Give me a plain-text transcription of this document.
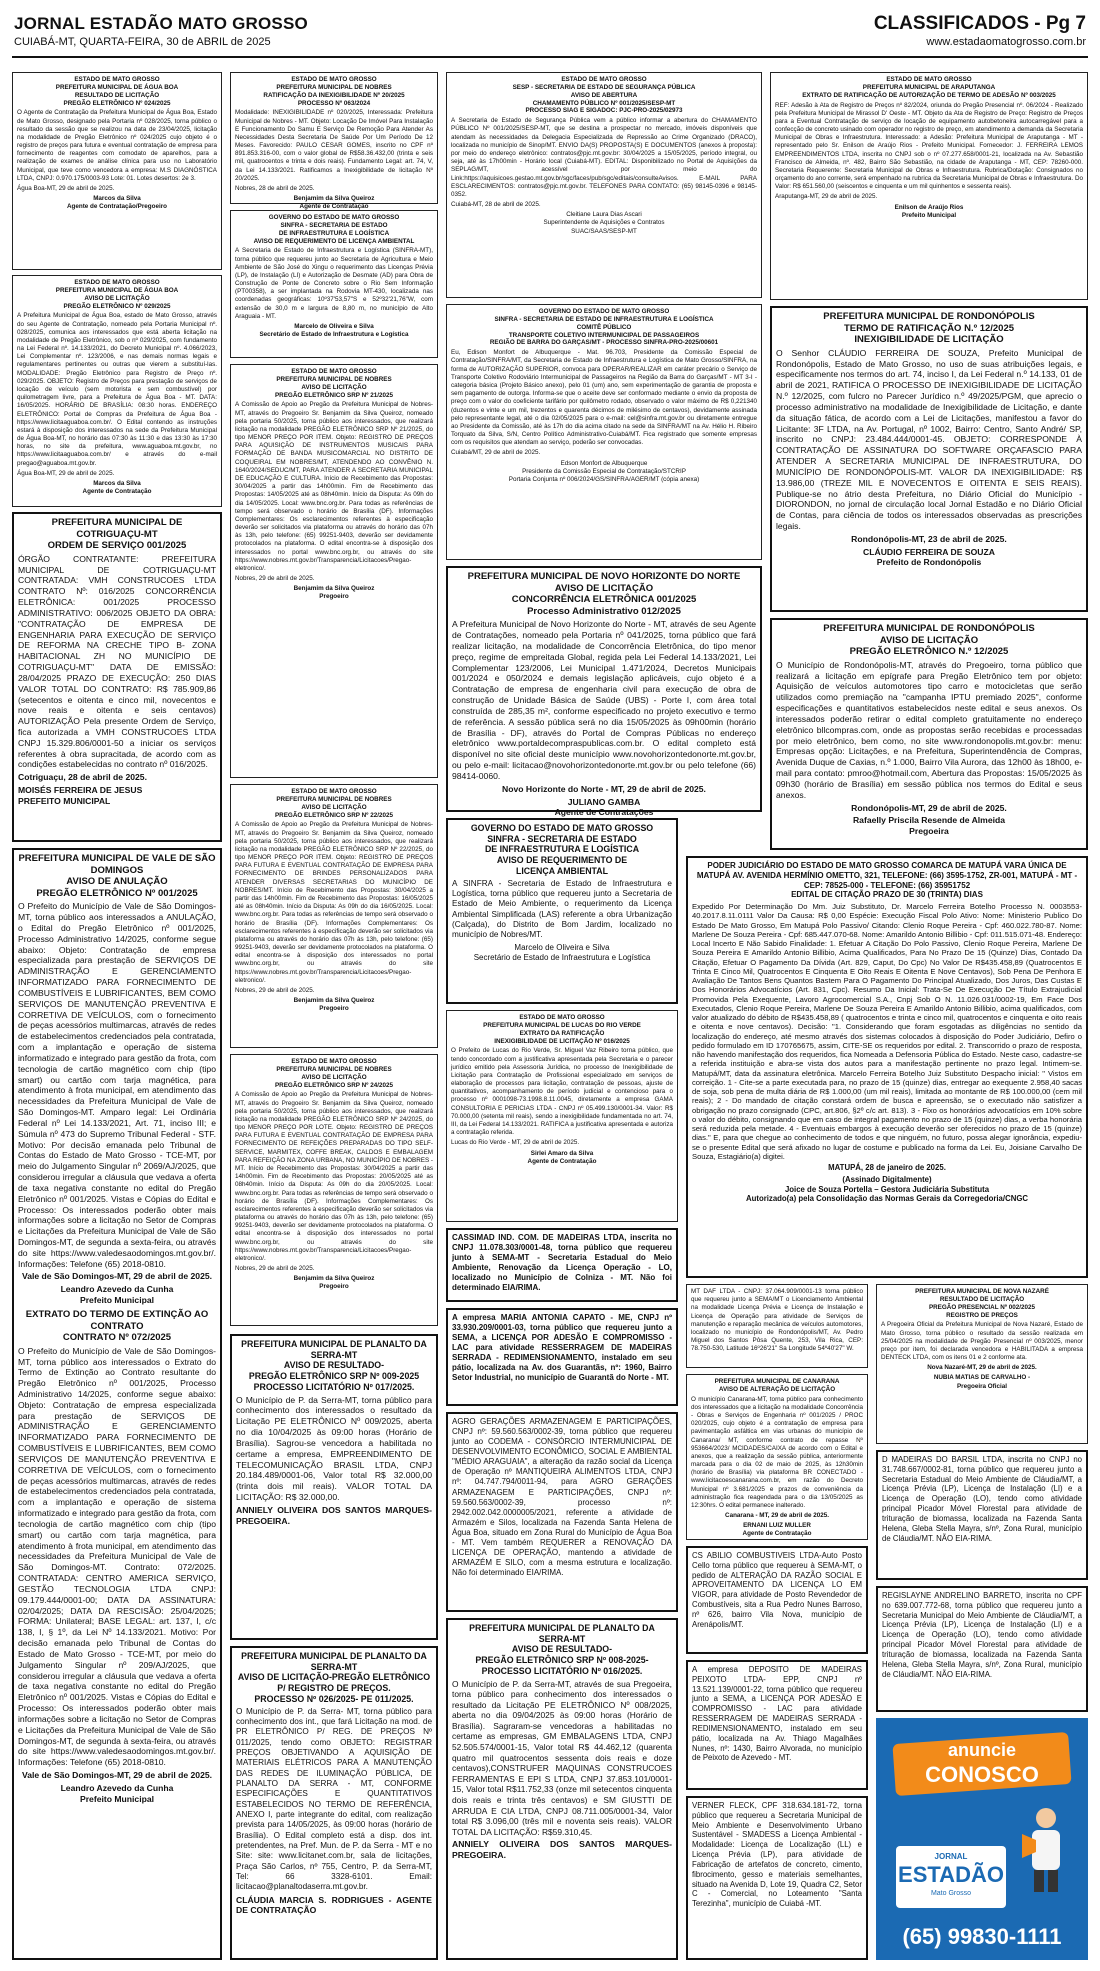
JORNAL ESTADÃO MATO GROSSO
CUIABÁ-MT, QUARTA-FEIRA, 30 de ABRIL de 2025
CLASSIFICADOS - Pg 7
www.estadaomatogrosso.com.br
ESTADO DE MATO GROSSO
PREFEITURA MUNICIPAL DE ÁGUA BOA
RESULTADO DE LICITAÇÃO
PREGÃO ELETRÔNICO Nº 024/2025
O Agente de Contratação da Prefeitura Municipal de Água Boa, Estado de Mato Grosso, designado pela Portaria nº 028/2025, torna público o resultado da sessão que se realizou na data de 23/04/2025, licitação na modalidade de Pregão Eletrônico nº 024/2025 cujo objeto é o registro de preços para futura e eventual contratação de empresa para fornecimento de reagentes com comodato de aparelhos, para a realização de exames de análise clínica para uso no Laboratório Municipal, que teve como vencedora a empresa: M.S DIAGNÓSTICA LTDA, CNPJ: 0.970.175/0003-93 Lote: 01. Lotes desertos: 2e 3.
Água Boa-MT, 29 de abril de 2025.
Marcos da Silva
Agente de Contratação/Pregoeiro
ESTADO DE MATO GROSSO
PREFEITURA MUNICIPAL DE ÁGUA BOA
AVISO DE LICITAÇÃO
PREGÃO ELETRÔNICO Nº 029/2025
A Prefeitura Municipal de Água Boa, estado de Mato Grosso, através do seu Agente de Contratação, nomeado pela Portaria Municipal nº. 028/2025, comunica aos interessados que está aberta licitação na modalidade de Pregão Eletrônico, sob o nº 029/2025, com fundamento na Lei Federal nº. 14.133/2021, do Decreto Municipal nº. 4.066/2023, Lei Complementar nº. 123/2006, e nas demais normas legais e regulamentares pertinentes ou outras que vierem a substituí-las. MODALIDADE: Pregão Eletrônico para Registro de Preço nº. 029/2025. OBJETO: Registro de Preços para prestação de serviços de locação de veículo (sem motorista e sem combustível) por quilometragem livre, para a Prefeitura de Água Boa - MT. DATA: 16/05/2025. HORÁRIO DE BRASÍLIA: 08:30 horas. ENDEREÇO ELETRÔNICO: Portal de Compras da Prefeitura de Água Boa - https://www.licitaaguaboa.com.br/. O Edital contendo as instruções estará à disposição dos interessados na sede da Prefeitura Municipal de Água Boa-MT, no horário das 07:30 às 11:30 e das 13:30 às 17:30 horas, no site da prefeitura, www.aguaboa.mt.gov.br, no https://www.licitaaguaboa.com.br/ e através do e-mail pregao@aguaboa.mt.gov.br.
Água Boa-MT, 29 de abril de 2025.
Marcos da Silva
Agente de Contratação
PREFEITURA MUNICIPAL DE COTRIGUAÇU-MT
ORDEM DE SERVIÇO 001/2025
ÓRGÃO CONTRATANTE: PREFEITURA MUNICIPAL DE COTRIGUAÇU-MT CONTRATADA: VMH CONSTRUCOES LTDA CONTRATO Nº: 016/2025 CONCORRÊNCIA ELETRÔNICA: 001/2025 PROCESSO ADMINISTRATIVO: 006/2025 OBJETO DA OBRA: "CONTRATAÇÃO DE EMPRESA DE ENGENHARIA PARA EXECUÇÃO DE SERVIÇO DE REFORMA NA CRECHE TIPO B- ZONA HABITACIONAL ZH NO MUNICÍPIO DE COTRIGUAÇU-MT" DATA DE EMISSÃO: 28/04/2025 PRAZO DE EXECUÇÃO: 250 DIAS VALOR TOTAL DO CONTRATO: R$ 785.909,86 (setecentos e oitenta e cinco mil, novecentos e nove reais e oitenta e seis centavos) AUTORIZAÇÃO Pela presente Ordem de Serviço, fica autorizada a VMH CONSTRUCOES LTDA CNPJ 15.329.806/0001-50 a iniciar os serviços referentes à obra supracitada, de acordo com as condições estabelecidas no contrato nº 016/2025.
Cotriguaçu, 28 de abril de 2025.
MOISÉS FERREIRA DE JESUS
PREFEITO MUNICIPAL
PREFEITURA MUNICIPAL DE VALE DE SÃO DOMINGOS
AVISO DE ANULAÇÃO
PREGÃO ELETRÔNICO Nº 001/2025
O Prefeito do Município de Vale de São Domingos-MT, torna público aos interessados a ANULAÇÃO, o Edital do Pregão Eletrônico nº 001/2025, Processo Administrativo 14/2025, conforme segue abaixo: Objeto: Contratação de empresa especializada para prestação de SERVIÇOS DE ADMINISTRAÇÃO E GERENCIAMENTO INFORMATIZADO PARA FORNECIMENTO DE COMBUSTÍVEIS E LUBRIFICANTES, BEM COMO SERVIÇOS DE MANUTENÇÃO PREVENTIVA E CORRETIVA DE VEÍCULOS, com o fornecimento de peças acessórios multimarcas, através de redes de estabelecimentos credenciados pela contratada, com a implantação e operação de sistema informatizado e integrado para gestão da frota, com tecnologia de cartão magnético com chip (tipo smart) ou cartão com tarja magnética, para atendimento à frota municipal, em atendimento das necessidades da Prefeitura Municipal de Vale de São Domingos-MT. Amparo legal: Lei Ordinária Federal nº Lei 14.133/2021, Art. 71, inciso III; e Súmula nº 473 do Supremo Tribunal Federal - STF. Motivo: Por decisão emanada pelo Tribunal de Contas do Estado de Mato Grosso - TCE-MT, por meio do Julgamento Singular nº 2069/AJ/2025, que considerou irregular a cláusula que vedava a oferta de taxa negativa constante no edital do Pregão Eletrônico nº 001/2025. Vistas e Cópias do Edital e Processo: Os interessados poderão obter mais informações sobre a licitação no Setor de Compras e Licitações da Prefeitura Municipal de Vale de São Domingos-MT, de segunda a sexta-feira, ou através do site https://www.valedesaodomingos.mt.gov.br/. Informações: Telefone (65) 2018-0810.
Vale de São Domingos-MT, 29 de abril de 2025.
Leandro Azevedo da Cunha
Prefeito Municipal
EXTRATO DO TERMO DE EXTINÇÃO AO CONTRATO
CONTRATO Nº 072/2025
O Prefeito do Município de Vale de São Domingos-MT, torna público aos interessados o Extrato do Termo de Extinção ao Contrato resultante do Pregão Eletrônico nº 001/2025, Processo Administrativo 14/2025, conforme segue abaixo: Objeto: Contratação de empresa especializada para prestação de SERVIÇOS DE ADMINISTRAÇÃO E GERENCIAMENTO INFORMATIZADO PARA FORNECIMENTO DE COMBUSTÍVEIS E LUBRIFICANTES, BEM COMO SERVIÇOS DE MANUTENÇÃO PREVENTIVA E CORRETIVA DE VEÍCULOS, com o fornecimento de peças acessórios multimarcas, através de redes de estabelecimentos credenciados pela contratada, com a implantação e operação de sistema informatizado e integrado para gestão da frota, com tecnologia de cartão magnético com chip (tipo smart) ou cartão com tarja magnética, para atendimento à frota municipal, em atendimento das necessidades da Prefeitura Municipal de Vale de São Domingos-MT. Contrato: 072/2025. CONTRATADA: CENTRO AMERICA SERVIÇO, GESTÃO TECNOLOGIA LTDA CNPJ: 09.179.444/0001-00; DATA DA ASSINATURA: 02/04/2025; DATA DA RESCISÃO: 25/04/2025; FORMA: Unilateral; BASE LEGAL: art. 137, I, c/c 138, I, § 1º, da Lei Nº 14.133/2021. Motivo: Por decisão emanada pelo Tribunal de Contas do Estado de Mato Grosso - TCE-MT, por meio do Julgamento Singular nº 209/AJ/2025, que considerou irregular a cláusula que vedava a oferta de taxa negativa constante no edital do Pregão Eletrônico nº 001/2025. Vistas e Cópias do Edital e Processo: Os interessados poderão obter mais informações sobre a licitação no Setor de Compras e Licitações da Prefeitura Municipal de Vale de São Domingos-MT, de segunda à sexta-feira, ou através do site https://www.valedesaodomingos.mt.gov.br/. Informações: Telefone (65) 2018-0810.
Vale de São Domingos-MT, 29 de abril de 2025.
Leandro Azevedo da Cunha
Prefeito Municipal
ESTADO DE MATO GROSSO
PREFEITURA MUNICIPAL DE NOBRES
RATIFICAÇÃO DA INEXIGIBILIDADE Nº 20/2025
PROCESSO Nº 063/2024
Modalidade: INEXIGIBILIDADE nº 020/2025, Interessada: Prefeitura Municipal de Nobres - MT. Objeto: Locação De Imóvel Para Instalação E Funcionamento Do Samu E Serviço De Remoção Para Atender As Necessidades Desta Secretaria De Saúde Por Um Período De 12 Meses. Favorecido: PAULO CESAR GOMES, inscrito no CPF nº 891.853.316-00, com o valor global de R$58.36.432,00 (trinta e seis mil, quatrocentos e trinta e dois reais). Fundamento Legal: art. 74, V, da Lei 14.133/2021. Ratificamos a Inexigibilidade de licitação Nº 20/2025.
Nobres, 28 de abril de 2025.
Benjamim da Silva Queiroz
Agente de Contratação
GOVERNO DO ESTADO DE MATO GROSSO
SINFRA - SECRETARIA DE ESTADO
DE INFRAESTRUTURA E LOGÍSTICA
AVISO DE REQUERIMENTO DE LICENÇA AMBIENTAL
A Secretaria de Estado de Infraestrutura e Logística (SINFRA-MT), torna público que requereu junto ao Secretaria de Agricultura e Meio Ambiente de São José do Xingu o requerimento das Licenças Prévia (LP), de Instalação (LI) e Autorização de Desmate (AD) para Obra de Construção de Ponte de Concreto sobre o Rio Sem Informação (PT00358), a ser implantada na Rodovia MT-430, localizada nas coordenadas geográficas: 10º37'53,57"S e 52º32'21,76"W, com extensão de 30,0 m e largura de 8,80 m, no município de Alto Araguaia - MT.
Marcelo de Oliveira e Silva
Secretário de Estado de Infraestrutura e Logística
ESTADO DE MATO GROSSO
PREFEITURA MUNICIPAL DE NOBRES
AVISO DE LICITAÇÃO
PREGÃO ELETRÔNICO SRP Nº 21/2025
A Comissão de Apoio ao Pregão da Prefeitura Municipal de Nobres-MT, através do Pregoeiro Sr. Benjamim da Silva Queiroz, nomeado pela portaria 50/2025, torna público aos interessados, que realizará licitação na modalidade PREGÃO ELETRÔNICO SRP Nº 21/2025, do tipo MENOR PREÇO POR ITEM. Objeto: REGISTRO DE PREÇOS PARA AQUISIÇÃO DE INSTRUMENTOS MUSICAIS PARA FORMAÇÃO DE BANDA MUSICOMARCIAL NO DISTRITO DE COQUEIRAL EM NOBRES/MT, ATENDENDO AO CONVÊNIO N. 1640/2024/SEDUC/MT, PARA ATENDER A SECRETARIA MUNICIPAL DE EDUCAÇÃO E CULTURA. Início de Recebimento das Propostas: 30/04/2025 a partir das 14h00min. Fim de Recebimento das Propostas: 14/05/2025 até as 08h40min. Início da Disputa: As 09h do dia 14/05/2025. Local: www.bnc.org.br. Para todas as referências de tempo será observado o horário de Brasília (DF). Informações Complementares: Os esclarecimentos referentes à especificação deverão ser solicitados via plataforma ou através do horário das 07h às 13h, pelo telefone: (65) 99251-9403, deverão ser devidamente protocolados na plataforma. O edital encontra-se à disposição dos interessados no portal www.bnc.org.br, ou através do site https://www.nobres.mt.gov.br/Transparencia/Licitacoes/Pregao-eletronico/.
Nobres, 29 de abril de 2025.
Benjamim da Silva Queiroz
Pregoeiro
ESTADO DE MATO GROSSO
PREFEITURA MUNICIPAL DE NOBRES
AVISO DE LICITAÇÃO
PREGÃO ELETRÔNICO SRP Nº 22/2025
A Comissão de Apoio ao Pregão da Prefeitura Municipal de Nobres-MT, através do Pregoeiro Sr. Benjamim da Silva Queiroz, nomeado pela portaria 50/2025, torna público aos interessados, que realizará licitação na modalidade PREGÃO ELETRÔNICO SRP Nº 22/2025, do tipo MENOR PREÇO POR ITEM. Objeto: REGISTRO DE PREÇOS PARA FUTURA E EVENTUAL CONTRATAÇÃO DE EMPRESA PARA FORNECIMENTO DE BRINDES PERSONALIZADOS PARA ATENDER DIVERSAS SECRETARIAS DO MUNICÍPIO DE NOBRES/MT. Início de Recebimento das Propostas: 30/04/2025 a partir das 14h00min. Fim de Recebimento das Propostas: 16/05/2025 até as 08h40min. Início da Disputa: As 09h do dia 16/05/2025. Local: www.bnc.org.br. Para todas as referências de tempo será observado o horário de Brasília (DF). Informações Complementares: Os esclarecimentos referentes à especificação deverão ser solicitados via plataforma ou através do horário das 07h às 13h, pelo telefone: (65) 99251-9403, deverão ser devidamente protocolados na plataforma. O edital encontra-se à disposição dos interessados no portal www.bnc.org.br, ou através do site https://www.nobres.mt.gov.br/Transparencia/Licitacoes/Pregao-eletronico/.
Nobres, 29 de abril de 2025.
Benjamim da Silva Queiroz
Pregoeiro
ESTADO DE MATO GROSSO
PREFEITURA MUNICIPAL DE NOBRES
AVISO DE LICITAÇÃO
PREGÃO ELETRÔNICO SRP Nº 24/2025
A Comissão de Apoio ao Pregão da Prefeitura Municipal de Nobres-MT, através do Pregoeiro Sr. Benjamim da Silva Queiroz, nomeado pela portaria 50/2025, torna público aos interessados, que realizará licitação na modalidade PREGÃO ELETRÔNICO SRP Nº 24/2025, do tipo MENOR PREÇO POR LOTE. Objeto: REGISTRO DE PREÇOS PARA FUTURA E EVENTUAL CONTRATAÇÃO DE EMPRESA PARA FORNECIMENTO DE REFEIÇÕES PREPARADAS DO TIPO SELF-SERVICE, MARMITEX, COFFE BREAK, CALDOS E EMBALAGEM PARA REFEIÇÃO NA ZONA URBANA, NO MUNICÍPIO DE NOBRES - MT. Início de Recebimento das Propostas: 30/04/2025 a partir das 14h00min. Fim de Recebimento das Propostas: 20/05/2025 até as 08h40min. Início da Disputa: As 09h do dia 20/05/2025. Local: www.bnc.org.br. Para todas as referências de tempo será observado o horário de Brasília (DF). Informações Complementares: Os esclarecimentos referentes à especificação deverão ser solicitados via plataforma ou através do horário das 07h às 13h, pelo telefone: (65) 99251-9403, deverão ser devidamente protocolados na plataforma. O edital encontra-se à disposição dos interessados no portal www.bnc.org.br, ou através do site https://www.nobres.mt.gov.br/Transparencia/Licitacoes/Pregao-eletronico/.
Nobres, 29 de abril de 2025.
Benjamim da Silva Queiroz
Pregoeiro
PREFEITURA MUNICIPAL DE PLANALTO DA SERRA-MT
AVISO DE RESULTADO-
PREGÃO ELETRÔNICO SRP Nº 009-2025
PROCESSO LICITATÓRIO Nº 017/2025.
O Município de P. da Serra-MT, torna público para conhecimento dos interessados o resultado da Licitação PE ELETRÔNICO Nº 009/2025, aberta no dia 10/04/2025 às 09:00 horas (Horário de Brasília). Sagrou-se vencedora a habilitada no certame a empresa, EMPREENDIMENTO DE TELECOMUNICAÇÃO BRASIL LTDA, CNPJ 20.184.489/0001-06, Valor total R$ 32.000,00 (trinta dois mil reais). VALOR TOTAL DA LICITAÇÃO: R$ 32.000,00.
ANNIELY OLIVEIRA DOS SANTOS MARQUES-PREGOEIRA.
PREFEITURA MUNICIPAL DE PLANALTO DA SERRA-MT
AVISO DE LICITAÇÃO-PREGÃO ELETRÔNICO
P/ REGISTRO DE PREÇOS.
PROCESSO Nº 026/2025- PE 011/2025.
O Município de P. da Serra- MT, torna público para conhecimento dos int., que fará Licitação na mod. de PR ELETRÔNICO P/ REG. DE PREÇOS Nº 011/2025, tendo como OBJETO: REGISTRAR PREÇOS OBJETIVANDO A AQUISIÇÃO DE MATERIAIS ELÉTRICOS PARA A MANUTENÇÃO DAS REDES DE ILUMINAÇÃO PÚBLICA, DE PLANALTO DA SERRA - MT, CONFORME ESPECIFICAÇÕES E QUANTITATIVOS ESTABELECIDOS NO TERMO DE REFERÊNCIA, ANEXO I, parte integrante do edital, com realização prevista para 14/05/2025, às 09:00 horas (horário de Brasília). O Edital completo está a disp. dos int. pretendentes, na Pref. Mun. de P. da Serra - MT e no Site: site: www.licitanet.com.br, sala de licitações, Praça São Carlos, nº 755, Centro, P. da Serra-MT, Tel: 66 3328-6101. Email: licitacao@planaltodaserra.mt.gov.br.
CLÁUDIA MARCIA S. RODRIGUES - AGENTE DE CONTRATAÇÃO
ESTADO DE MATO GROSSO
SESP - SECRETARIA DE ESTADO DE SEGURANÇA PÚBLICA
AVISO DE ABERTURA
CHAMAMENTO PÚBLICO Nº 001/2025/SESP-MT
PROCESSO SIAG E SIGADOC: PJC-PRO-2025/02973
A Secretaria de Estado de Segurança Pública vem a público informar a abertura do CHAMAMENTO PÚBLICO Nº 001/2025/SESP-MT, que se destina a prospectar no mercado, imóveis disponíveis que atendam às necessidades da Delegacia Especializada de Repressão ao Crime Organizado (DRACO), localizada no município de Sinop/MT. ENVIO DA(S) PROPOSTA(S) E DOCUMENTOS (anexos à proposta): por meio do endereço eletrônico: contratos@pjc.mt.gov.br: 30/04/2025 a 15/05/2025, período integral, ou seja, até às 17h00min - Horário local (Cuiabá-MT). EDITAL: Disponibilizado no Portal de Aquisições da SEPLAG/MT, acessível por meio do Link:https://aquisicoes.gestao.mt.gov.br/sgc/faces/pub/sgc/editais/consulteAvisos. E-MAIL PARA ESCLARECIMENTOS: contratos@pjc.mt.gov.br. TELEFONES PARA CONTATO: (65) 98145-0396 e 98145-0352.
Cuiabá-MT, 28 de abril de 2025.
Cleitiane Laura Dias Ascari
Superintendente de Aquisições e Contratos
SUAC/SAAS/SESP-MT
GOVERNO DO ESTADO DE MATO GROSSO
SINFRA - SECRETARIA DE ESTADO DE INFRAESTRUTURA E LOGÍSTICA
COMITÊ PÚBLICO
TRANSPORTE COLETIVO INTERMUNICIPAL DE PASSAGEIROS
REGIÃO DE BARRA DO GARÇAS/MT - PROCESSO SINFRA-PRO-2025/00601
Eu, Edison Monfort de Albuquerque - Mat. 96.703, Presidente da Comissão Especial de Contratação/SINFRA/MT, da Secretaria de Estado de Infraestrutura e Logística de Mato Grosso/SINFRA, na forma de AUTORIZAÇÃO SUPERIOR, convoca para OPERAR/REALIZAR em caráter precário o Serviço de Transporte Coletivo Rodoviário Intermunicipal de Passageiros na Região da Barra do Garças/MT - MT 3-I - categoria básica (Projeto Básico anexo), pelo 01 (um) ano, sem experimentação de garantia de proposta e sem pagamento de outorga. Informa-se que o aceite deve ser conformado mediante o envio da proposta de preço com o valor do coeficiente tarifário por quilômetro rodado, observado o valor máximo de R$ 0,221340 (duzentos e vinte e um mil, trezentos e quarenta décimos de milésimo de centavos), devidamente assinada pelo representante legal, até o dia 02/05/2025 para o e-mail: cel@sinfra.mt.gov.br ou diretamente entregue ao Presidente da Comissão, até às 17h do dia acima citado na sede da SINFRA/MT na Av. Hélio H. Ribeiro Torquato da Silva, S/N, Centro Político Administrativo-Cuiabá/MT. Fica registrado que somente empresas com os requisitos que atendam ao serviço, poderão ser convocadas.
Cuiabá/MT, 29 de abril de 2025.
Edson Monfort de Albuquerque
Presidente da Comissão Especial de Contratação/STCRIP
Portaria Conjunta nº 006/2024/GS/SINFRA/AGER/MT (cópia anexa)
PREFEITURA MUNICIPAL DE NOVO HORIZONTE DO NORTE
AVISO DE LICITAÇÃO
CONCORRÊNCIA ELETRÔNICA 001/2025
Processo Administrativo 012/2025
A Prefeitura Municipal de Novo Horizonte do Norte - MT, através de seu Agente de Contratações, nomeado pela Portaria nº 041/2025, torna público que fará realizar licitação, na modalidade de Concorrência Eletrônica, do tipo menor preço, regime de empreitada Global, regida pela Lei Federal 14.133/2021, Lei Complementar 123/2006, Lei Municipal 1.471/2024, Decretos Municipais 001/2024 e 050/2024 e demais legislação aplicáveis, cujo objeto é a Contratação de empresa de engenharia civil para execução de obra de construção de Unidade Básica de Saúde (UBS) - Porte I, com área total construída de 285,35 m², conforme especificado no projeto executivo e termo de referência. A sessão pública será no dia 15/05/2025 às 09h00min (horário de Brasília - DF), através do Portal de Compras Públicas no endereço eletrônico www.portaldecompraspublicas.com.br. O edital completo está disponível no site oficial deste município www.novohorizontedonorte.mt.gov.br, ou pelo e-mail: licitacao@novohorizontedonorte.mt.gov.br ou pelo telefone (66) 98414-0060.
Novo Horizonte do Norte - MT, 29 de abril de 2025.
JULIANO GAMBA
Agente de Contratações
GOVERNO DO ESTADO DE MATO GROSSO
SINFRA - SECRETARIA DE ESTADO
DE INFRAESTRUTURA E LOGÍSTICA
AVISO DE REQUERIMENTO DE
LICENÇA AMBIENTAL
A SINFRA - Secretaria de Estado de Infraestrutura e Logística, torna público que requereu junto a Secretaria de Estado de Meio Ambiente, o requerimento da Licença Ambiental Simplificada (LAS) referente a obra Urbanização (Calçada), do Distrito de Bom Jardim, localizado no município de Nobres/MT.
Marcelo de Oliveira e Silva
Secretário de Estado de Infraestrutura e Logística
ESTADO DE MATO GROSSO
PREFEITURA MUNICIPAL DE LUCAS DO RIO VERDE
EXTRATO DA RATIFICAÇÃO
INEXIGIBILIDADE DE LICITAÇÃO Nº 016/2025
O Prefeito de Lucas do Rio Verde, Sr. Miguel Vaz Ribeiro torna público, que tendo concordado com a justificativa apresentada pela Secretaria e o parecer jurídico emitido pela Assessoria Jurídica, no processo de Inexigibilidade de Licitação para Contratação de Profissional especializado em serviços de elaboração de processos para licitação, contratação de pessoas, ajuste de quantitativos, acompanhamento de período judicial e contencioso para o processo nº 0001098-73.1998.8.11.0045, diretamente a empresa GAMA CONSULTORIA E PERICIAS LTDA - CNPJ nº 05.499.130/0001-34. Valor: R$ 70.000,00 (setenta mil reais), sendo a inexigibilidade fundamentada no art. 74, III, da Lei Federal 14.133/2021. RATIFICA a justificativa apresentada e autoriza a contratação referida.
Lucas do Rio Verde - MT, 29 de abril de 2025.
Sirlei Amaro da Silva
Agente de Contratação
CASSIMAD IND. COM. DE MADEIRAS LTDA, inscrita no CNPJ 11.078.303/0001-48, torna público que requereu junto à SEMA-MT - Secretaria Estadual do Meio Ambiente, Renovação da Licença Operação - LO, localizado no Município de Colniza - MT. Não foi determinado EIA/RIMA.
A empresa MARIA ANTONIA CAPATO - ME, CNPJ nº 33.930.209/0001-03, torna público que requereu junto a SEMA, a LICENÇA POR ADESÃO E COMPROMISSO - LAC para atividade RESSERRAGEM DE MADEIRAS SERRADA - REDIMENSIONAMENTO, instalado em seu pátio, localizada na Av. dos Guarantãs, nº: 1960, Bairro Setor Industrial, no município de Guarantã do Norte - MT.
AGRO GERAÇÕES ARMAZENAGEM E PARTICIPAÇÕES, CNPJ nº: 59.560.563/0002-39, torna público que requereu junto ao CODEMA - CONSÓRCIO INTERMUNICIPAL DE DESENVOLVIMENTO ECONÔMICO, SOCIAL E AMBIENTAL "MÉDIO ARAGUAIA", a alteração da razão social da Licença de Operação nº MANTIQUEIRA ALIMENTOS LTDA, CNPJ nº: 04.747.794/0011-94, para AGRO GERAÇÕES ARMAZENAGEM E PARTICIPAÇÕES, CNPJ nº: 59.560.563/0002-39, processo nº: 2942.002.042.0000005/2021, referente a atividade de Armazém e Silos, localizada na Fazenda Santa Helena de Água Boa, situado em Zona Rural do Município de Água Boa - MT. Vem também REQUERER a RENOVAÇÃO DA LICENÇA DE OPERAÇÃO, mantendo a atividade de ARMAZÉM E SILO, com a mesma estrutura e localização. Não foi determinado EIA/RIMA.
PREFEITURA MUNICIPAL DE PLANALTO DA SERRA-MT
AVISO DE RESULTADO-
PREGÃO ELETRÔNICO SRP Nº 008-2025-
PROCESSO LICITATÓRIO Nº 016/2025.
O Município de P. da Serra-MT, através de sua Pregoeira, torna público para conhecimento dos interessados o resultado da Licitação PE ELETRÔNICO Nº 008/2025, aberta no dia 09/04/2025 às 09:00 horas (Horário de Brasília). Sagraram-se vencedoras a habilitadas no certame as empresas, GM EMBALAGENS LTDA, CNPJ 52.505.574/0001-15, Valor total R$ 44.462,12 (quarenta quatro mil quatrocentos sessenta dois reais e doze centavos),CONSTRUFER MAQUINAS CONSTRUCOES FERRAMENTAS E EPI S LTDA, CNPJ 37.853.101/0001-15, Valor total R$11.752,33 (onze mil setecentos cinquenta dois reais e trinta três centavos) e SM GIUSTTI DE ARRUDA E CIA LTDA, CNPJ 08.711.005/0001-34, Valor total R$ 3.096,00 (três mil e noventa seis reais). VALOR TOTAL DA LICITAÇÃO: R$59.310,45.
ANNIELY OLIVEIRA DOS SANTOS MARQUES-PREGOEIRA.
ESTADO DE MATO GROSSO
PREFEITURA MUNICIPAL DE ARAPUTANGA
EXTRATO DE RATIFICAÇÃO DE AUTORIZAÇÃO DE TERMO DE ADESÃO Nº 003/2025
REF: Adesão à Ata de Registro de Preços nº 82/2024, oriunda do Pregão Presencial nº. 06/2024 - Realizado pela Prefeitura Municipal de Mirassol D' Oeste - MT. Objeto da Ata de Registro de Preço: Registro de Preços para a Eventual Contratação de serviço de locação de equipamento autobetoneira autocarregável para a confecção de concreto usinado com operador no registro de preço, em atendimento a demanda da Secretaria Municipal de Obras e Infraestrutura. Interessado: a Adesão: Prefeitura Municipal de Araputanga - MT - representado pelo Sr. Enilson de Araújo Rios - Prefeito Municipal. Fornecedor: J. FERREIRA LEMOS EMPREENDIMENTOS LTDA, inscrita no CNPJ sob o nº 07.277.658/0001-21, localizada na Av. Sebastião Francisco de Almeida, nº. 482, Bairro São Sebastião, na cidade de Araputanga - MT, CEP: 78260-000. Secretaria Requerente: Secretaria Municipal de Obras e Infraestrutura. Rubrica/Dotação: Consignados no orçamento do ano corrente, será empenhado na rubrica da Secretaria Municipal de Obras e Infraestrutura. Do Valor: R$ 651.560,00 (seiscentos e cinquenta e um mil quinhentos e sessenta reais).
Araputanga-MT, 29 de abril de 2025.
Enilson de Araújo Rios
Prefeito Municipal
PREFEITURA MUNICIPAL DE RONDONÓPOLIS
TERMO DE RATIFICAÇÃO N.º 12/2025
INEXIGIBILIDADE DE LICITAÇÃO
O Senhor CLÁUDIO FERREIRA DE SOUZA, Prefeito Municipal de Rondonópolis, Estado de Mato Grosso, no uso de suas atribuições legais, e especificamente nos termos do art. 74, inciso I, da Lei Federal n.º 14.133, 01 de abril de 2021, RATIFICA O PROCESSO DE INEXIGIBILIDADE DE LICITAÇÃO N.º 12/2025, com fulcro no Parecer Jurídico n.º 49/2025/PGM, que aprecio o processo administrativo na modalidade de Inexigibilidade de Licitação, e dante da situação fática, de acordo com a Lei de Licitações, manifestou a favor do Licitante: 3F LTDA, na Av. Portugal, nº 1002, Bairro: Centro, Santo André/ SP, inscrito no CNPJ: 23.484.444/0001-45. OBJETO: CORRESPONDE À CONTRATAÇÃO DE ASSINATURA DO SOFTWARE ORÇAFASCIO PARA ATENDER A SECRETARIA MUNICIPAL DE INFRAESTRUTURA, DO MUNICÍPIO DE RONDONÓPOLIS-MT. VALOR DA INEXIGIBILIDADE: R$ 13.986,00 (TREZE MIL E NOVECENTOS E OITENTA E SEIS REAIS). Publique-se no átrio desta Prefeitura, no Diário Oficial do Município - DIORONDON, no jornal de circulação local Jornal Estadão e no Diário Oficial de Contas, para ciência de todos os interessados observadas as prescrições legais.
Rondonópolis-MT, 23 de abril de 2025.
CLÁUDIO FERREIRA DE SOUZA
Prefeito de Rondonópolis
PREFEITURA MUNICIPAL DE RONDONÓPOLIS
AVISO DE LICITAÇÃO
PREGÃO ELETRÔNICO N.º 12/2025
O Município de Rondonópolis-MT, através do Pregoeiro, torna público que realizará a licitação em epígrafe para Pregão Eletrônico tem por objeto: Aquisição de veículos automotores tipo carro e motocicletas que serão utilizados como premiação na "campanha IPTU premiado 2025", conforme especificações e quantitativos estabelecidos neste edital e seus anexos. Os interessados poderão retirar o edital completo gratuitamente no endereço eletrônico bllcompras.com, onde as propostas serão recebidas e processadas por meio eletrônico, bem como, no site www.rondonopolis.mt.gov.br: menu: Empresas opção: Licitações, e na Prefeitura, Superintendência de Compras, Avenida Duque de Caxias, n.º 1.000, Bairro Vila Aurora, das 12h00 às 18h00, e-mail para contato: pmroo@hotmail.com, Abertura das Propostas: 15/05/2025 às 09h30 (horário de Brasília) em sessão pública nos termos do Edital e seus anexos.
Rondonópolis-MT, 29 de abril de 2025.
Rafaelly Priscila Resende de Almeida
Pregoeira
PODER JUDICIÁRIO DO ESTADO DE MATO GROSSO COMARCA DE MATUPÁ VARA ÚNICA DE MATUPÁ AV. AVENIDA HERMÍNIO OMETTO, 321, TELEFONE: (66) 3595-1752, ZR-001, MATUPÁ - MT - CEP: 78525-000 - TELEFONE: (66) 35951752
EDITAL DE CITAÇÃO PRAZO DE 30 (TRINTA) DIAS
Expedido Por Determinação Do Mm. Juiz Substituto, Dr. Marcelo Ferreira Botelho Processo N. 0003553-40.2017.8.11.0111 Valor Da Causa: R$ 0,00 Espécie: Execução Fiscal Polo Ativo: Nome: Ministerio Publico Do Estado De Mato Grosso, Em Matupá Polo Passivo/ Citando: Clenio Roque Pereira - Cpf: 460.022.780-87. Nome: Marlene De Souza Pereira - Cpf: 685.447.070-68. Nome: Amarildo Antonio Billibio - Cpf: 011.515.071-48. Endereço: Local Incerto E Não Sabido Finalidade: 1. Efetuar A Citação Do Polo Passivo, Clenio Roque Pereira, Marlene De Souza Pereira E Amarildo Antonio Billibio, Acima Qualificados, Para No Prazo De 15 (Quinze) Dias, Contado Da Citação, Efetuar O Pagamento Da Dívida (Art. 829, Caput, Do Cpc) No Valor De R$435.458,89 (Quatrocentos E Trinta E Cinco Mil, Quatrocentos E Cinquenta E Oito Reais E Oitenta E Nove Centavos), Sob Pena De Penhora E Avaliação De Tantos Bens Quantos Bastem Para O Pagamento Do Principal Atualizado, Dos Juros, Das Custas E Dos Honorários Advocatícios (Art. 831, Cpc). Resumo Da Inicial: Trata-Se De Execução De Título Extrajudicial Promovida Pela Exequente, Lavoro Agrocomercial S.A., Cnpj Sob O N. 11.026.031/0002-19, Em Face Dos Executados, Clenio Roque Pereira, Marlene De Souza Pereira E Amarildo Antonio Billibio, acima qualificados, com valor atualizado do débito de R$435.458,89 ( quatrocentos e trinta e cinco mil, quatrocentos e cinquenta e oito reais e oitenta e nove centavos). Decisão: "1. Considerando que foram esgotadas as diligências no sentido da localização do endereço, até mesmo através dos sistemas colocados à disposição do Poder Judiciário, Defiro o pedido formulado em ID 170765675, assim, CITE-SE os requeridos por edital. 2. Transcorrido o prazo de resposta, não havendo manifestação dos requeridos, fica Nomeada a Defensoria Pública do Estado. Neste caso, cadastre-se a referida instituição e abra-se vista dos autos para a manifestação pertinente no prazo legal. Intimem-se. Matupá/MT, data da assinatura eletrônica. Marcelo Ferreira Botelho Juiz Substituto Despacho inicial: " Vistos em correição. 1 - Cite-se a parte executada para, no prazo de 15 (quinze) dias, entregar ao exequente 2.958,40 sacas de soja, sob pena de multa diária de R$ 1.000,00 (um mil reais), limitada ao montante de R$ 100.000,00 (cem mil reais); 2 - Do mandado de citação constará ordem de busca e apreensão, se o executado não satisfizer a obrigação no prazo consignado (CPC, art.806, §2º c/c art. 813). 3 - Fixo os honorários advocatícios em 10% sobre o valor do débito, consignando que em caso de integral pagamento no prazo de 15 (quinze) dias, a verba honorária será reduzida pela metade. 4 - Eventuais embargos à execução deverão ser oferecidos no prazo de 15 (quinze) dias." E, para que chegue ao conhecimento de todos e que ninguém, no futuro, possa alegar ignorância, expediu-se o presente Edital que será afixado no lugar de costume e publicado na forma da Lei. Eu, Joisiane Carvalho De Souza, Estagiário(a) digitei.
MATUPÁ, 28 de janeiro de 2025.
(Assinado Digitalmente)
Joice de Souza Portella – Gestora Judiciária Substituta
Autorizado(a) pela Consolidação das Normas Gerais da Corregedoria/CNGC
MT DAF LTDA - CNPJ: 37.064.909/0001-13 torna público que requereu junto a SEMA/MT o Licenciamento Ambiental na modalidade Licença Prévia e Licença de Instalação e Licença de Operação para atividade de Serviços de manutenção e reparação mecânica de veículos automotores, localizado no município de Rondonópolis/MT, Av. Pedro Miguel dos Santos Pôsa Quente, 253, Vila Rica, CEP: 78.750-530, Latitude 16º26'21" Sa Longitude 54º40'27" W.
PREFEITURA MUNICIPAL DE CANARANA
AVISO DE ALTERAÇÃO DE LICITAÇÃO
O município Canarana-MT, torna público para conhecimento dos interessados que a licitação na modalidade Concorrência - Obras e Serviços de Engenharia nº 001/2025 / PROC 020/2025, cujo objeto é a contratação de empresa para pavimentação asfáltica em vias urbanas do município de Canarana/ MT, conforme contrato de repasse Nº 953664/2023/ MCIDADES/CAIXA de acordo com o Edital e anexos, que a realização da sessão pública, anteriormente marcada para o dia 02 de maio de 2025, às 12h30min (horário de Brasília) via plataforma BR CONECTADO - www.licitacoescanarana.com.br, em razão do Decreto Municipal nº 3.681/2025 e prazos de conveniência da administração fica reagendada para o dia 13/05/2025 as 12:30hrs. O edital permanece inalterado.
Canarana - MT, 29 de abril de 2025.
ERNANI LUIZ MULLER
Agente de Contratação
CS ABILIO COMBUSTIVEIS LTDA-Auto Posto Cello torna público que requereu à SEMA-MT, o pedido de ALTERAÇÃO DA RAZÃO SOCIAL E APROVEITAMENTO DA LICENÇA LO EM VIGOR, para atividade de Posto Revendedor de Combustíveis, sita a Rua Pedro Nunes Barroso, nº 626, bairro Vila Nova, município de Arenápolis/MT.
A empresa DEPOSITO DE MADEIRAS PEIXOTO LTDA- EPP, CNPJ nº 13.521.139/0001-22, torna público que requereu junto a SEMA, a LICENÇA POR ADESÃO E COMPROMISSO - LAC para atividade RESSERRAGEM DE MADEIRAS SERRADA - REDIMENSIONAMENTO, instalado em seu pátio, localizada na Av. Thiago Magalhães Nunes, nº: 1430, Bairro Alvorada, no município de Peixoto de Azevedo - MT.
VERNER FLECK, CPF 318.634.181-72, torna público que requereu a Secretaria Municipal de Meio Ambiente e Desenvolvimento Urbano Sustentável - SMADESS a Licença Ambiental - Modalidade: Licença de Localização (LL) e Licença Prévia (LP), para atividade de Fabricação de artefatos de concreto, cimento, fibrocimento, gesso e materiais semelhantes, situado na Avenida D, Lote 19, Quadra C2, Setor C - Comercial, no Loteamento "Santa Terezinha", município de Cuiabá -MT.
PREFEITURA MUNICIPAL DE NOVA NAZARÉ
RESULTADO DE LICITAÇÃO
PREGÃO PRESENCIAL Nº 002/2025
REGISTRO DE PREÇOS
A Pregoeira Oficial da Prefeitura Municipal de Nova Nazaré, Estado de Mato Grosso, torna público o resultado da sessão realizada em 25/04/2025 na modalidade de Pregão Presencial nº 003/2025, menor preço por item, foi declarada vencedora e HABILITADA a empresa DENTECK LTDA, com os itens 01 e 2 conforme ata.
Nova Nazaré-MT, 29 de abril de 2025.
NUBIA MATIAS DE CARVALHO -
Pregoeira Oficial
D MADEIRAS DO BARSIL LTDA, inscrita no CNPJ no 31.748.667/0002-81, torna público que requereu junto a Secretaria Estadual do Meio Ambiente de Cláudia/MT, a Licença Prévia (LP), Licença de Instalação (LI) e a Licença de Operação (LO), tendo como atividade principal Picador Móvel Florestal para atividade de trituração de biomassa, localizada na Fazenda Santa Helena, Gleba Stella Mayra, s/nº, Zona Rural, município de Cláudia/MT. NÃO EIA-RIMA.
REGISLAYNE ANDRELINO BARRETO, inscrita no CPF no 639.007.772-68, torna público que requereu junto a Secretaria Municipal do Meio Ambiente de Cláudia/MT, a Licença Prévia (LP), Licença de Instalação (LI) e a Licença de Operação (LO), tendo como atividade principal Picador Móvel Florestal para atividade de trituração de biomassa, localizada na Fazenda Santa Helena, Gleba Stella Mayra, s/nº, Zona Rural, município de Cláudia/MT. NÃO EIA-RIMA.
anuncie
CONOSCO
JORNAL
ESTADÃO
Mato Grosso
(65) 99830-1111
